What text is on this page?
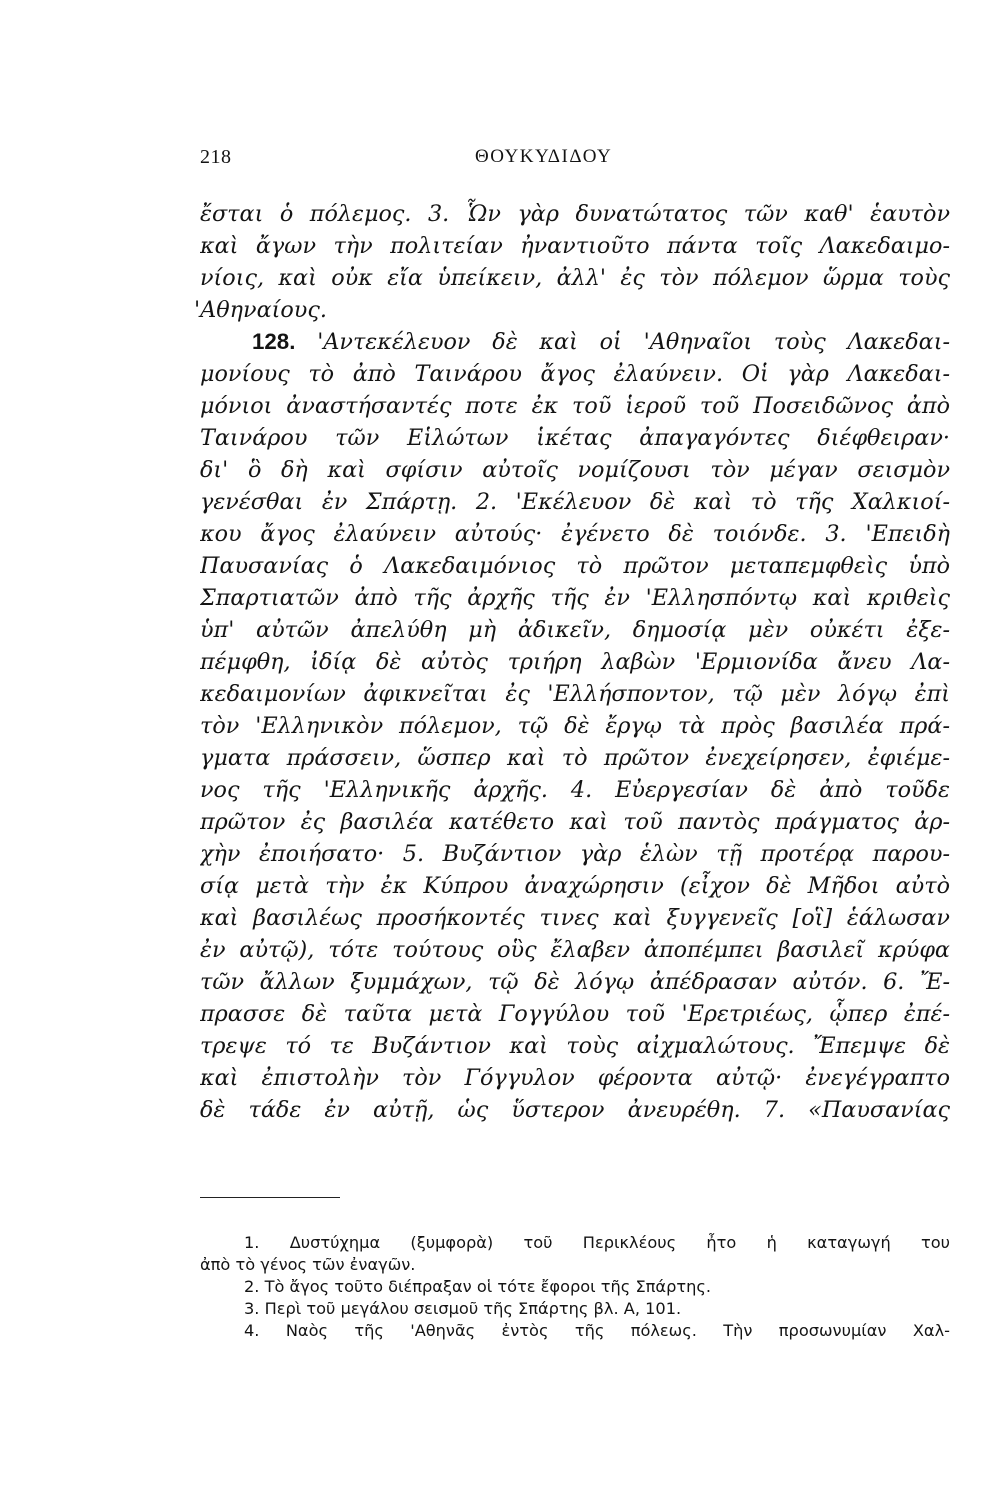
218	ΘΟΥΚΥΔΙΔΟΥ
ἔσται ὁ πόλεμος. 3. Ὧν γὰρ δυνατώτατος τῶν καθ' ἑαυτὸν
καὶ ἄγων τὴν πολιτείαν ἠναντιοῦτο πάντα τοῖς Λακεδαιμο-
νίοις, καὶ οὐκ εἴα ὑπείκειν, ἀλλ' ἐς τὸν πόλεμον ὥρμα τοὺς
'Αθηναίους.
128. 'Αντεκέλευον δὲ καὶ οἱ 'Αθηναῖοι τοὺς Λακεδαι-
μονίους τὸ ἀπὸ Ταινάρου ἄγος ἐλαύνειν. Οἱ γὰρ Λακεδαι-
μόνιοι ἀναστήσαντές ποτε ἐκ τοῦ ἱεροῦ τοῦ Ποσειδῶνος ἀπὸ
Ταινάρου τῶν Εἱλώτων ἱκέτας ἀπαγαγόντες διέφθειραν·
δι' ὃ δὴ καὶ σφίσιν αὐτοῖς νομίζουσι τὸν μέγαν σεισμὸν
γενέσθαι ἐν Σπάρτῃ. 2. 'Εκέλευον δὲ καὶ τὸ τῆς Χαλκιοί-
κου ἄγος ἐλαύνειν αὐτούς· ἐγένετο δὲ τοιόνδε. 3. 'Επειδὴ
Παυσανίας ὁ Λακεδαιμόνιος τὸ πρῶτον μεταπεμφθεὶς ὑπὸ
Σπαρτιατῶν ἀπὸ τῆς ἀρχῆς τῆς ἐν 'Ελλησπόντῳ καὶ κριθεὶς
ὑπ' αὐτῶν ἀπελύθη μὴ ἀδικεῖν, δημοσίᾳ μὲν οὐκέτι ἐξε-
πέμφθη, ἰδίᾳ δὲ αὐτὸς τριήρη λαβὼν 'Ερμιονίδα ἄνευ Λα-
κεδαιμονίων ἀφικνεῖται ἐς 'Ελλήσποντον, τῷ μὲν λόγῳ ἐπὶ
τὸν 'Ελληνικὸν πόλεμον, τῷ δὲ ἔργῳ τὰ πρὸς βασιλέα πρά-
γματα πράσσειν, ὥσπερ καὶ τὸ πρῶτον ἐνεχείρησεν, ἐφιέμε-
νος τῆς 'Ελληνικῆς ἀρχῆς. 4. Εὐεργεσίαν δὲ ἀπὸ τοῦδε
πρῶτον ἐς βασιλέα κατέθετο καὶ τοῦ παντὸς πράγματος ἀρ-
χὴν ἐποιήσατο· 5. Βυζάντιον γὰρ ἑλὼν τῇ προτέρᾳ παρου-
σίᾳ μετὰ τὴν ἐκ Κύπρου ἀναχώρησιν (εἶχον δὲ Μῆδοι αὐτὸ
καὶ βασιλέως προσήκοντές τινες καὶ ξυγγενεῖς [οἳ] ἑάλωσαν
ἐν αὐτῷ), τότε τούτους οὓς ἔλαβεν ἀποπέμπει βασιλεῖ κρύφα
τῶν ἄλλων ξυμμάχων, τῷ δὲ λόγῳ ἀπέδρασαν αὐτόν. 6. Ἔ-
πρασσε δὲ ταῦτα μετὰ Γογγύλου τοῦ 'Ερετριέως, ᾧπερ ἐπέ-
τρεψε τό τε Βυζάντιον καὶ τοὺς αἰχμαλώτους. Ἔπεμψε δὲ
καὶ ἐπιστολὴν τὸν Γόγγυλον φέροντα αὐτῷ· ἐνεγέγραπτο
δὲ τάδε ἐν αὐτῇ, ὡς ὕστερον ἀνευρέθη. 7. «Παυσανίας
1. Δυστύχημα (ξυμφορὰ) τοῦ Περικλέους ἦτο ἡ καταγωγή του
ἀπὸ τὸ γένος τῶν ἐναγῶν.
2. Τὸ ἄγος τοῦτο διέπραξαν οἱ τότε ἔφοροι τῆς Σπάρτης.
3. Περὶ τοῦ μεγάλου σεισμοῦ τῆς Σπάρτης βλ. Α, 101.
4. Ναὸς τῆς 'Αθηνᾶς ἐντὸς τῆς πόλεως. Τὴν προσωνυμίαν Χαλ-
